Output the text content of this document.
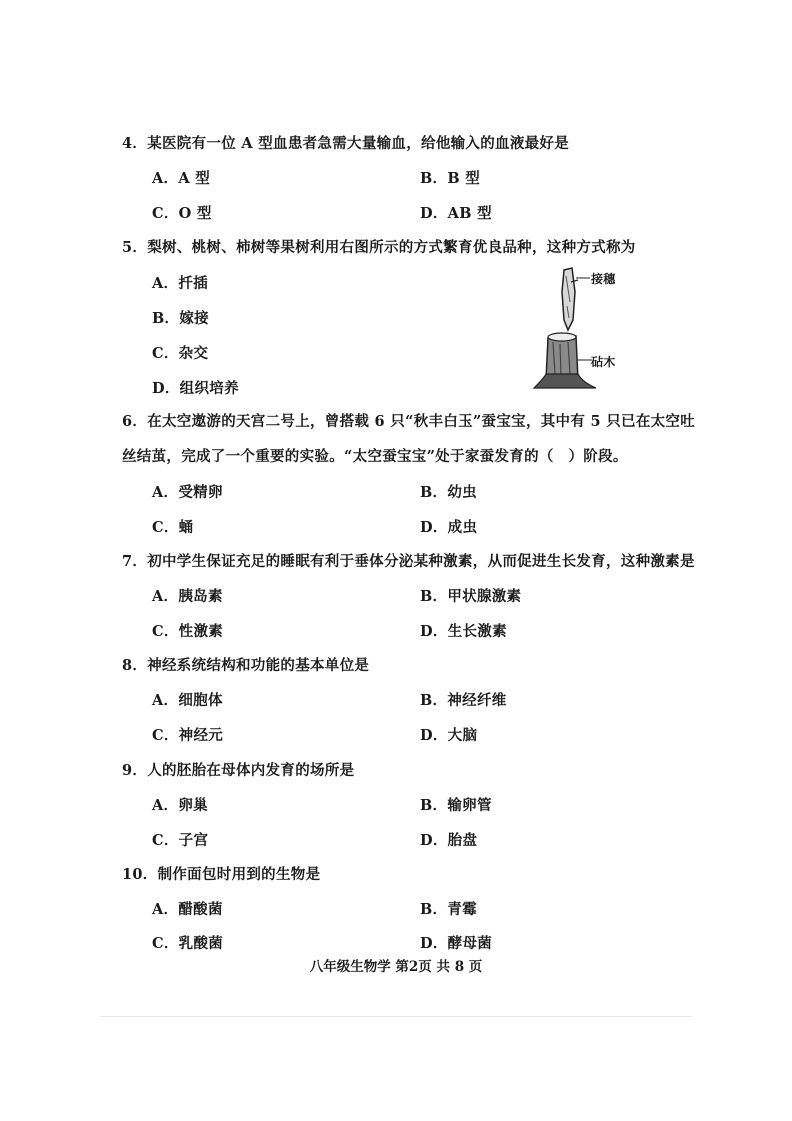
4．某医院有一位 A 型血患者急需大量输血，给他输入的血液最好是
A．A 型	B．B 型
C．O 型	D．AB 型
5．梨树、桃树、柿树等果树利用右图所示的方式繁育优良品种，这种方式称为
A．扦插
B．嫁接
C．杂交
D．组织培养
接穗
砧木
6．在太空遨游的天宫二号上，曾搭载 6 只“秋丰白玉”蚕宝宝，其中有 5 只已在太空吐
丝结茧，完成了一个重要的实验。“太空蚕宝宝”处于家蚕发育的（　）阶段。
A．受精卵	B．幼虫
C．蛹	D．成虫
7．初中学生保证充足的睡眠有利于垂体分泌某种激素，从而促进生长发育，这种激素是
A．胰岛素	B．甲状腺激素
C．性激素	D．生长激素
8．神经系统结构和功能的基本单位是
A．细胞体	B．神经纤维
C．神经元	D．大脑
9．人的胚胎在母体内发育的场所是
A．卵巢	B．输卵管
C．子宫	D．胎盘
10．制作面包时用到的生物是
A．醋酸菌	B．青霉
C．乳酸菌	D．酵母菌
八年级生物学 第2页 共 8 页
